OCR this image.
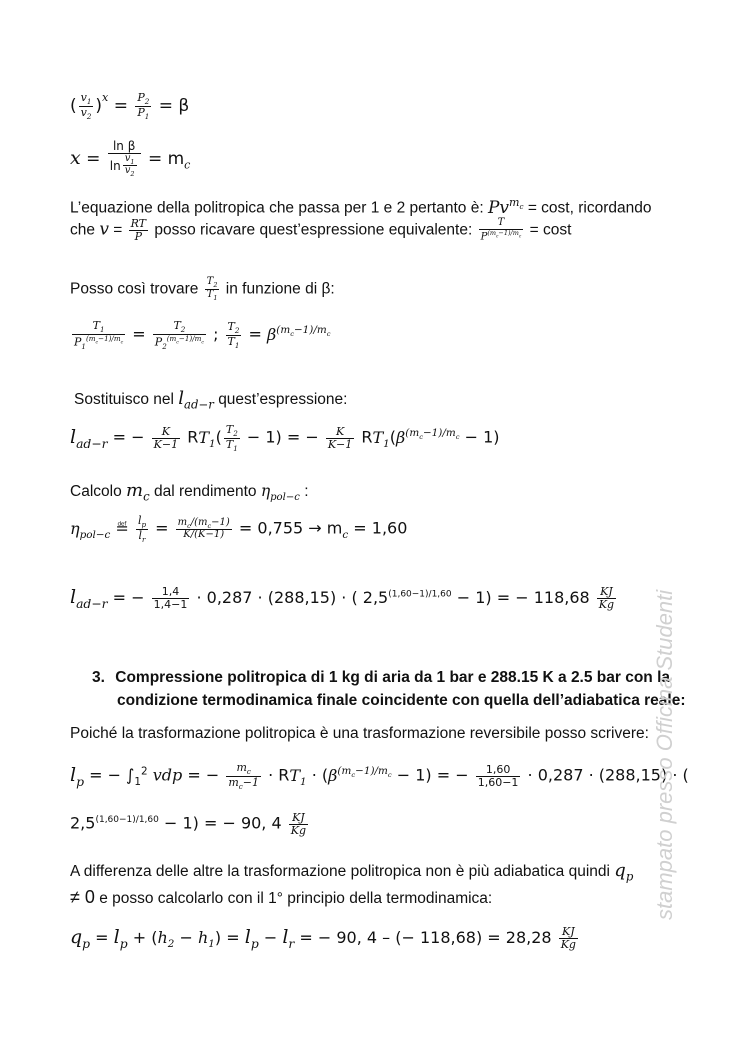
( $\frac{v_1}{v_2} )^x = \frac{P_2}{P_1} = \beta$
$x = \frac{\text{ln β}}{\ln \frac{v_1}{v_2}} = m_c$
L’equazione della politropica che passa per 1 e 2 pertanto è: $Pv^{m_c} = \cos t$, ricordando
che $v = \frac{RT}{P}$ posso ricavare quest’espressione equivalente: $\frac{T}{P^{(m_c-1)/m_c}} = \cos t$
Posso così trovare $\frac{T_2}{T_1}$ in funzione di β:
$\frac{T_1}{P_1^{(m_c-1)/m_c}} = \frac{T_2}{P_2^{(m_c-1)/m_c}}$ ; $\frac{T_2}{T_1} = \beta^{(m_c-1)/m_c}$
Sostituisco nel $l_{ad-r}$ quest’espressione:
$l_{ad-r}$ = − $\frac{K}{K-1} RT_1( \frac{T_2}{T_1} - 1)$ = − $\frac{K}{K-1} RT_1(\beta^{(m_c-1)/m_c} - 1)$
Calcolo $m_c$ dal rendimento $\eta_{pol-c}$ :
$\eta_{pol-c}$ ≝ $\frac{l_p}{l_r} = \frac{m_c/(m_c-1)}{K/(K-1)} = 0,755 \to m_c = 1,60$
$l_{ad-r}$ = − $\frac{1,4}{1,4-1} \cdot 0,287 \cdot (288,15)$ · ( $2,5^{(1,60-1)/1,60} - 1$) = − $118,68 \frac{KJ}{Kg}$
3. Compressione politropica di 1 kg di aria da 1 bar e 288.15 K a 2.5 bar con la
condizione termodinamica finale coincidente con quella dell’adiabatica reale:
Poiché la trasformazione politropica è una trasformazione reversibile posso scrivere:
$l_p$ = − $\int_1^2$ vdp = − $\frac{m_c}{m_c-1} \cdot RT_1 \cdot (\beta^{(m_c-1)/m_c} - 1)$ = − $\frac{1,60}{1,60-1} \cdot 0,287 \cdot (288,15)$ · (
$2,5^{(1,60-1)/1,60} - 1$) = − 90, $4 \frac{KJ}{Kg}$
A differenza delle altre la trasformazione politropica non è più adiabatica quindi $q_p$
≠ 0 e posso calcolarlo con il 1° principio della termodinamica:
$q_p = l_p + (h_2 - h_1) = l_p - l_r$ = − 90, 4 – (− $118,68) = 28,28 \frac{KJ}{Kg}$
stampato presso Officina Studenti
